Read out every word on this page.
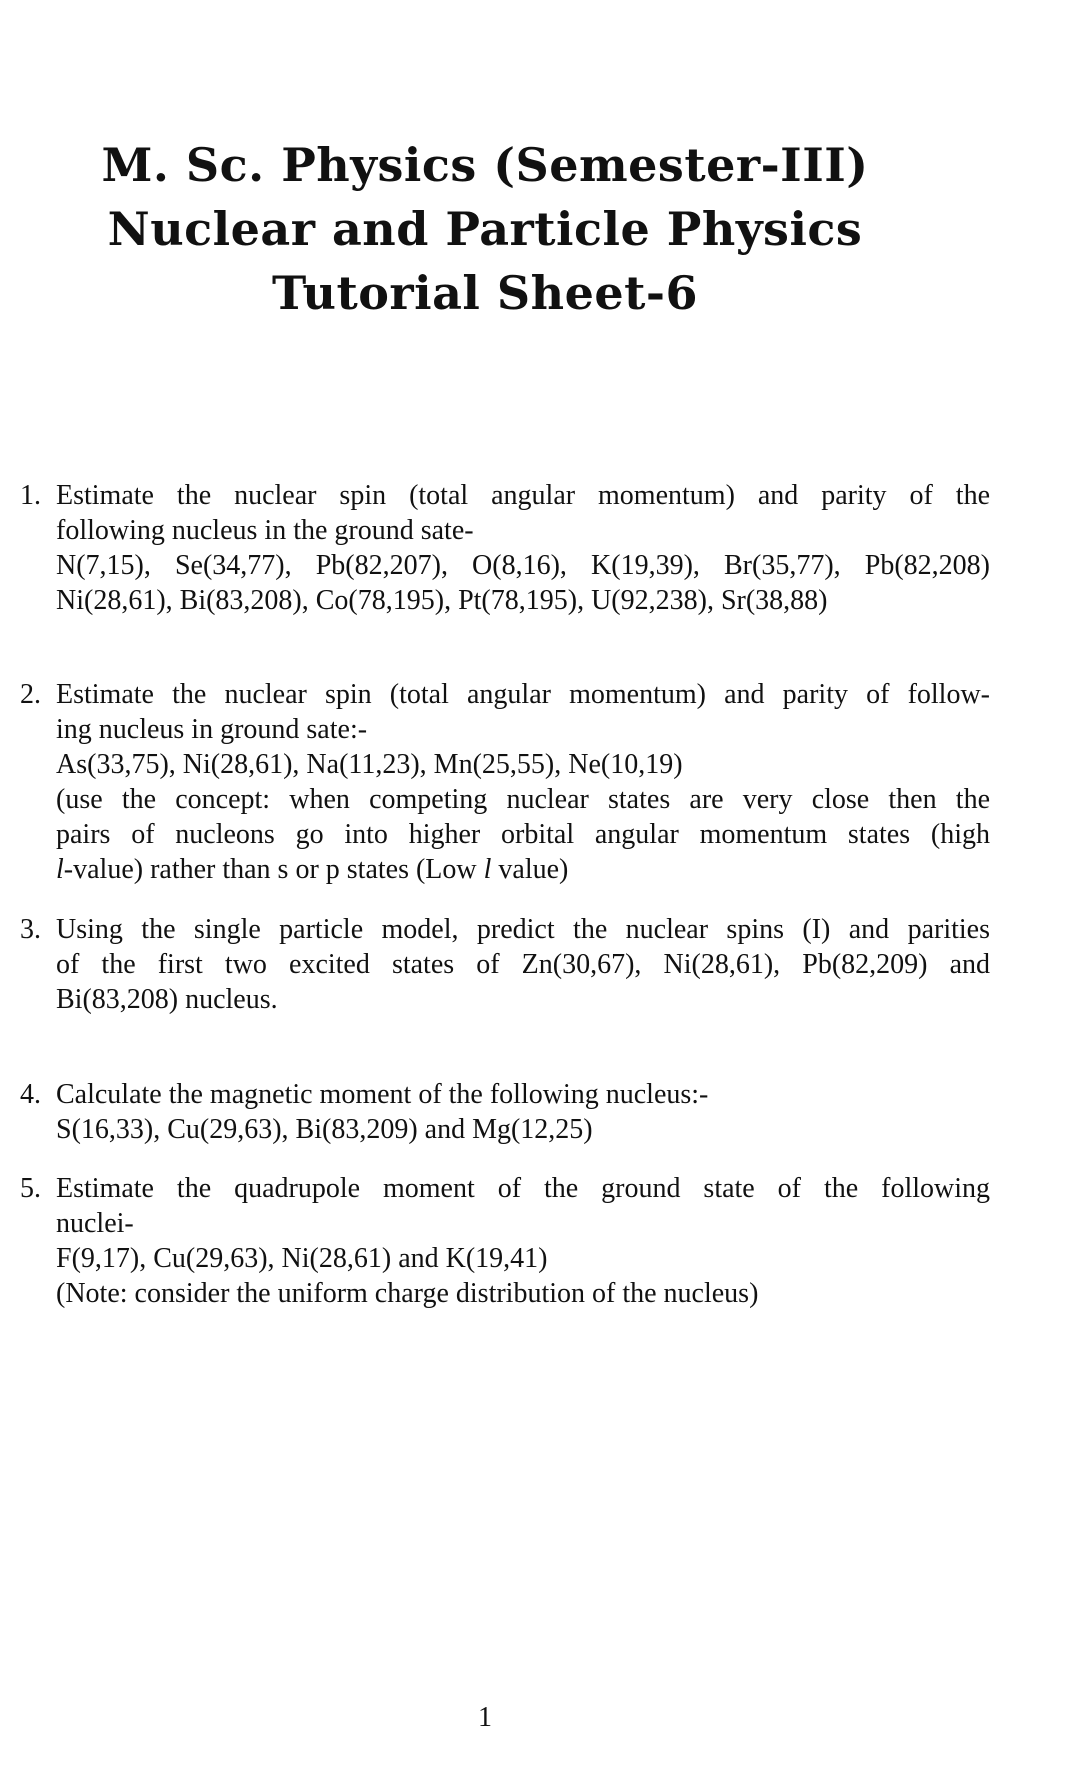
M. Sc. Physics (Semester-III)
Nuclear and Particle Physics
Tutorial Sheet-6
1. Estimate the nuclear spin (total angular momentum) and parity of the
following nucleus in the ground sate-
N(7,15), Se(34,77), Pb(82,207), O(8,16), K(19,39), Br(35,77), Pb(82,208)
Ni(28,61), Bi(83,208), Co(78,195), Pt(78,195), U(92,238), Sr(38,88)
2. Estimate the nuclear spin (total angular momentum) and parity of follow-
ing nucleus in ground sate:-
As(33,75), Ni(28,61), Na(11,23), Mn(25,55), Ne(10,19)
(use the concept: when competing nuclear states are very close then the
pairs of nucleons go into higher orbital angular momentum states (high
l-value) rather than s or p states (Low l value)
3. Using the single particle model, predict the nuclear spins (I) and parities
of the first two excited states of Zn(30,67), Ni(28,61), Pb(82,209) and
Bi(83,208) nucleus.
4. Calculate the magnetic moment of the following nucleus:-
S(16,33), Cu(29,63), Bi(83,209) and Mg(12,25)
5. Estimate the quadrupole moment of the ground state of the following
nuclei-
F(9,17), Cu(29,63), Ni(28,61) and K(19,41)
(Note: consider the uniform charge distribution of the nucleus)
1
